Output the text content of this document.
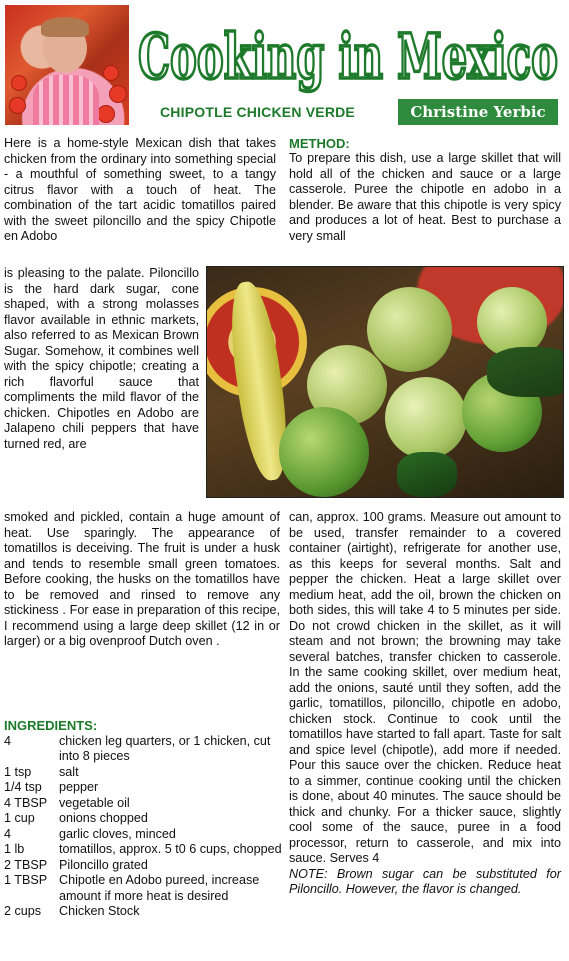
Cooking in Mexico
CHIPOTLE CHICKEN VERDE	Christine Yerbic
Here is a home-style Mexican dish that takes chicken from the ordinary into something special - a mouthful of something sweet, to a tangy citrus flavor with a touch of heat. The combination of the tart acidic tomatillos paired with the sweet piloncillo and the spicy Chipotle en Adobo
is pleasing to the palate. Piloncillo is the hard dark sugar, cone shaped, with a strong molasses flavor available in ethnic markets, also referred to as Mexican Brown Sugar. Somehow, it combines well with the spicy chipotle; creating a rich flavorful sauce that compliments the mild flavor of the chicken. Chipotles en Adobo are Jalapeno chili peppers that have turned red, are
smoked and pickled, contain a huge amount of heat. Use sparingly. The appearance of tomatillos is deceiving. The fruit is under a husk and tends to resemble small green tomatoes. Before cooking, the husks on the tomatillos have to be removed and rinsed to remove any stickiness . For ease in preparation of this recipe, I recommend using a large deep skillet (12 in or larger) or a big ovenproof Dutch oven .
METHOD:
To prepare this dish, use a large skillet that will hold all of the chicken and sauce or a large casserole. Puree the chipotle en adobo in a blender. Be aware that this chipotle is very spicy and produces a lot of heat. Best to purchase a very small
can, approx. 100 grams. Measure out amount to be used, transfer remainder to a covered container (airtight), refrigerate for another use, as this keeps for several months. Salt and pepper the chicken. Heat a large skillet over medium heat, add the oil, brown the chicken on both sides, this will take 4 to 5 minutes per side. Do not crowd chicken in the skillet, as it will steam and not brown; the browning may take several batches, transfer chicken to casserole. In the same cooking skillet, over medium heat, add the onions, sauté until they soften, add the garlic, tomatillos, piloncillo, chipotle en adobo, chicken stock. Continue to cook until the tomatillos have started to fall apart. Taste for salt and spice level (chipotle), add more if needed. Pour this sauce over the chicken. Reduce heat to a simmer, continue cooking until the chicken is done, about 40 minutes. The sauce should be thick and chunky. For a thicker sauce, slightly cool some of the sauce, puree in a food processor, return to casserole, and mix into sauce. Serves 4
NOTE: Brown sugar can be substituted for Piloncillo. However, the flavor is changed.
INGREDIENTS:
4	chicken leg quarters, or 1 chicken, cut into 8 pieces
1 tsp	salt
1/4 tsp	pepper
4 TBSP	vegetable oil
1 cup	onions chopped
4	garlic cloves, minced
1 lb	tomatillos, approx. 5 t0 6 cups, chopped
2 TBSP	Piloncillo grated
1 TBSP	Chipotle en Adobo pureed, increase amount if more heat is desired
2 cups	Chicken Stock
